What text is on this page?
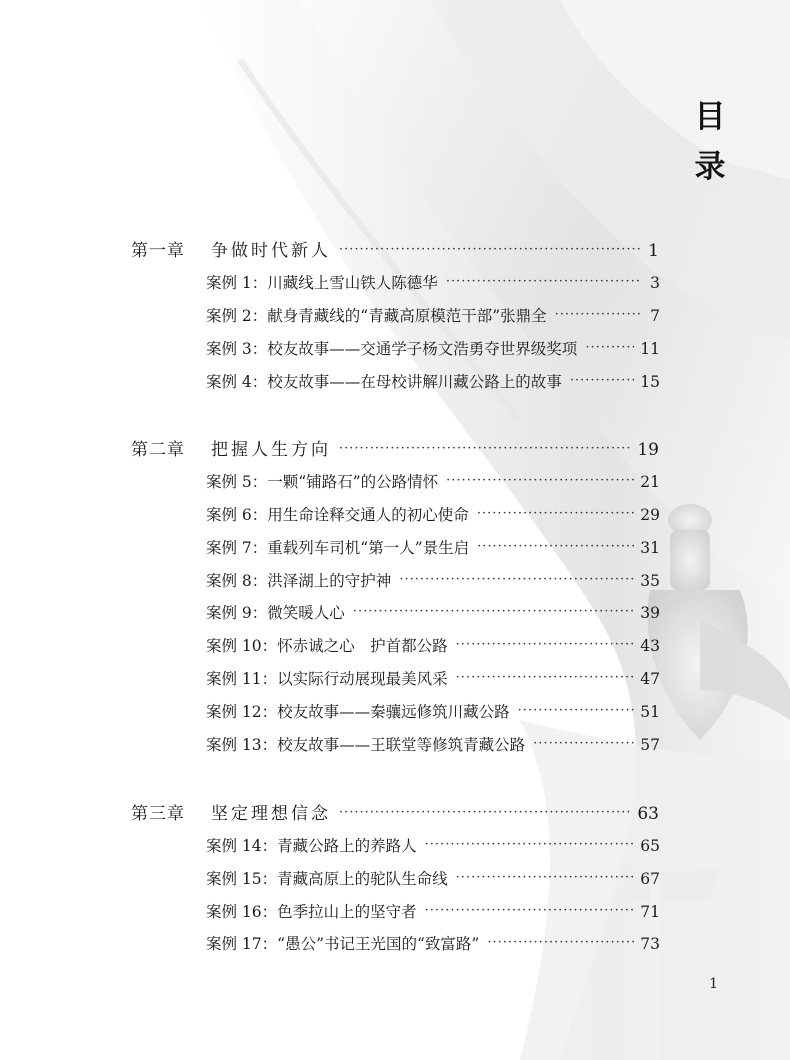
目
录
第一章 争做时代新人 ·····	1
案例 1： 川藏线上雪山铁人陈德华 ·····	3
案例 2： 献身青藏线的“青藏高原模范干部”张鼎全 ·····	7
案例 3： 校友故事——交通学子杨文浩勇夺世界级奖项 ·····	11
案例 4： 校友故事——在母校讲解川藏公路上的故事 ·····	15
第二章 把握人生方向 ·····	19
案例 5： 一颗“铺路石”的公路情怀 ·····	21
案例 6： 用生命诠释交通人的初心使命 ·····	29
案例 7： 重载列车司机“第一人”景生启 ·····	31
案例 8： 洪泽湖上的守护神 ·····	35
案例 9： 微笑暖人心 ·····	39
案例 10： 怀赤诚之心　护首都公路 ·····	43
案例 11： 以实际行动展现最美风采 ·····	47
案例 12： 校友故事——秦骧远修筑川藏公路 ·····	51
案例 13： 校友故事——王联堂等修筑青藏公路 ·····	57
第三章 坚定理想信念 ·····	63
案例 14： 青藏公路上的养路人 ·····	65
案例 15： 青藏高原上的驼队生命线 ·····	67
案例 16： 色季拉山上的坚守者 ·····	71
案例 17： “愚公”书记王光国的“致富路” ·····	73
1
